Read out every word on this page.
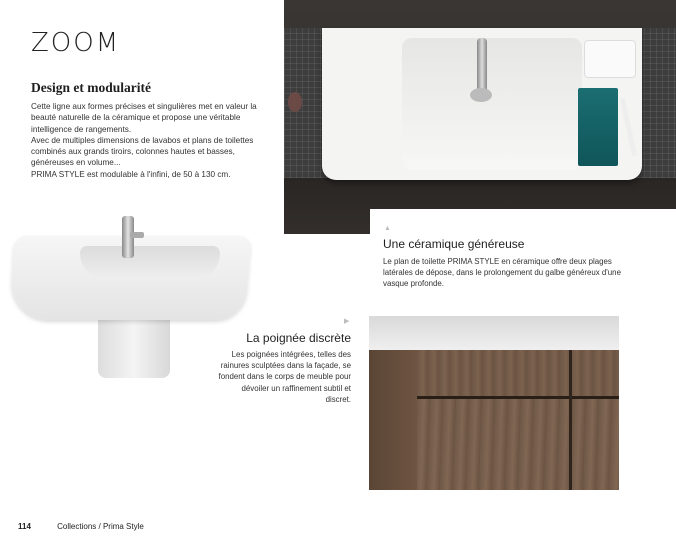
ZOOM
Design et modularité

Cette ligne aux formes précises et singulières met en valeur la beauté naturelle de la céramique et propose une véritable intelligence de rangements.

Avec de multiples dimensions de lavabos et plans de toilettes combinés aux grands tiroirs, colonnes hautes et basses, généreuses en volume...

PRIMA STYLE est modulable à l'infini, de 50 à 130 cm.

▲
Une céramique généreuse
Le plan de toilette PRIMA STYLE en céramique offre deux plages latérales de dépose, dans le prolongement du galbe généreux d'une vasque profonde.
▶
La poignée discrète
Les poignées intégrées, telles des rainures sculptées dans la façade, se fondent dans le corps de meuble pour dévoiler un raffinement subtil et discret.
114	Collections / Prima Style
